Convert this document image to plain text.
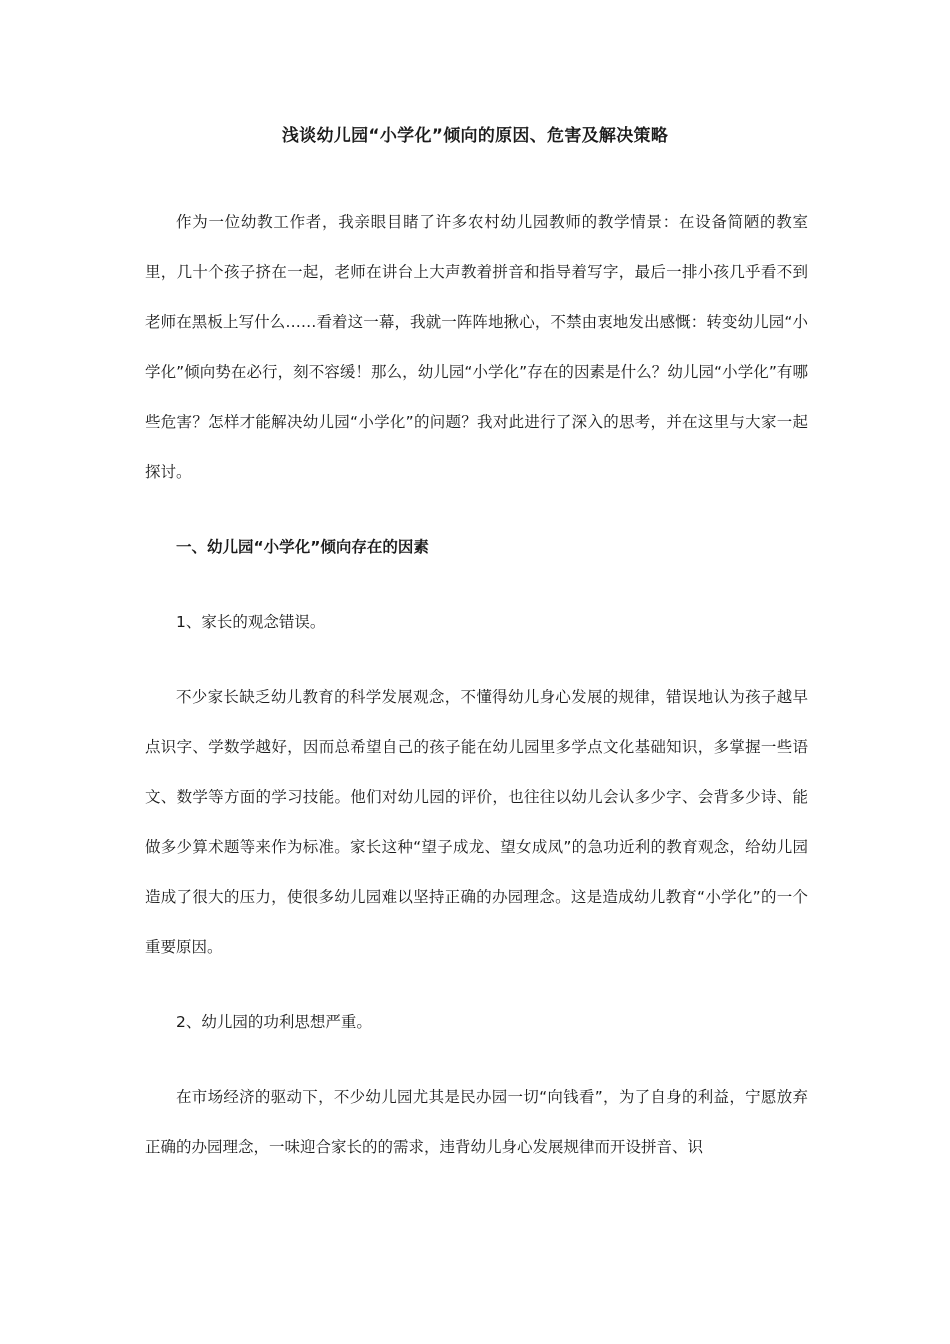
浅谈幼儿园“小学化”倾向的原因、危害及解决策略

作为一位幼教工作者，我亲眼目睹了许多农村幼儿园教师的教学情景：在设备简陋的教室里，几十个孩子挤在一起，老师在讲台上大声教着拼音和指导着写字，最后一排小孩几乎看不到老师在黑板上写什么……看着这一幕，我就一阵阵地揪心，不禁由衷地发出感慨：转变幼儿园“小学化”倾向势在必行，刻不容缓！那么，幼儿园“小学化”存在的因素是什么？幼儿园“小学化”有哪些危害？怎样才能解决幼儿园“小学化”的问题？我对此进行了深入的思考，并在这里与大家一起探讨。

一、幼儿园“小学化”倾向存在的因素

1、家长的观念错误。

不少家长缺乏幼儿教育的科学发展观念，不懂得幼儿身心发展的规律，错误地认为孩子越早点识字、学数学越好，因而总希望自己的孩子能在幼儿园里多学点文化基础知识，多掌握一些语文、数学等方面的学习技能。他们对幼儿园的评价，也往往以幼儿会认多少字、会背多少诗、能做多少算术题等来作为标准。家长这种“望子成龙、望女成凤”的急功近利的教育观念，给幼儿园造成了很大的压力，使很多幼儿园难以坚持正确的办园理念。这是造成幼儿教育“小学化”的一个重要原因。

2、幼儿园的功利思想严重。

在市场经济的驱动下，不少幼儿园尤其是民办园一切“向钱看”，为了自身的利益，宁愿放弃正确的办园理念，一味迎合家长的的需求，违背幼儿身心发展规律而开设拼音、识
